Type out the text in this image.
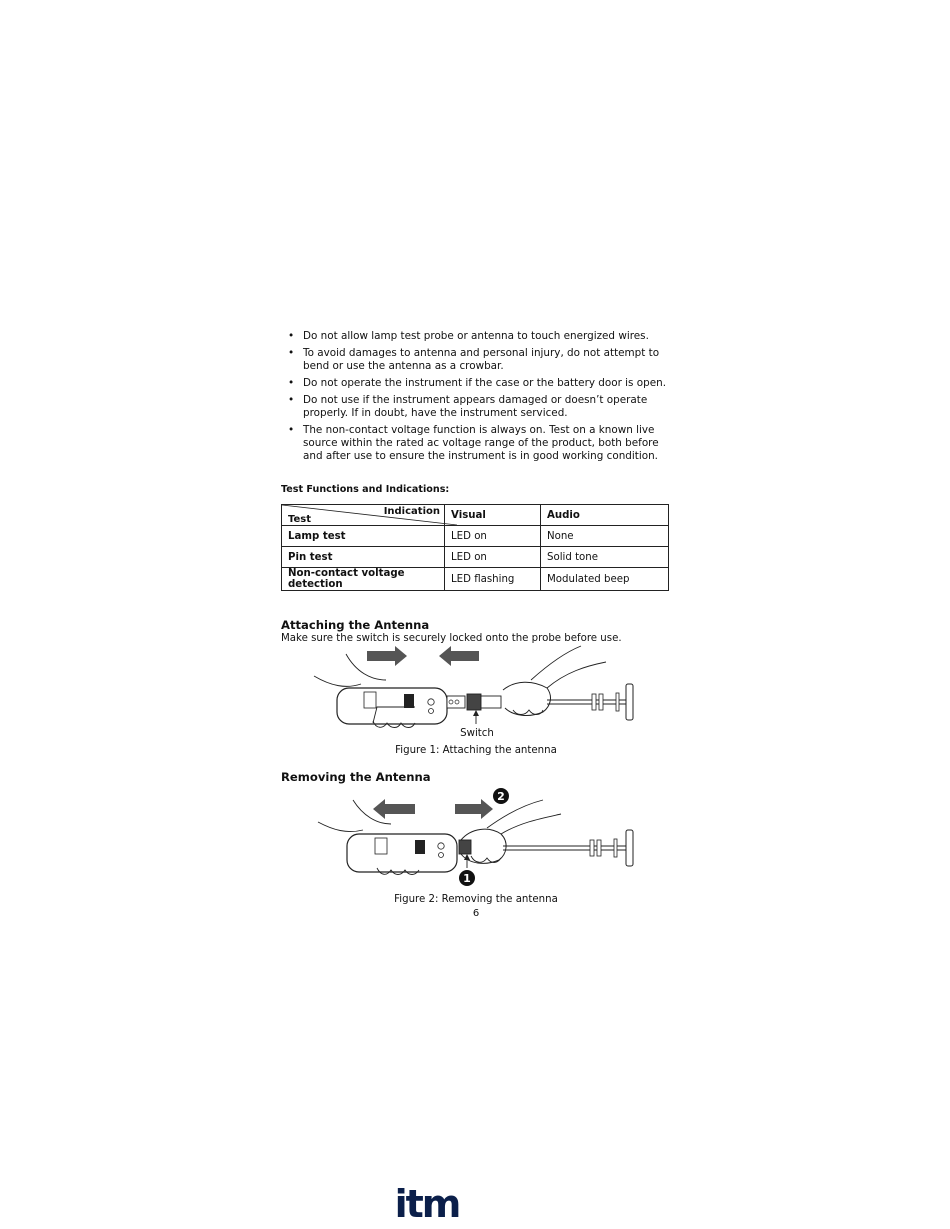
• Do not allow lamp test probe or antenna to touch energized wires.
• To avoid damages to antenna and personal injury, do not attempt to bend or use the antenna as a crowbar.
• Do not operate the instrument if the case or the battery door is open.
• Do not use if the instrument appears damaged or doesn’t operate properly. If in doubt, have the instrument serviced.
• The non-contact voltage function is always on. Test on a known live source within the rated ac voltage range of the product, both before and after use to ensure the instrument is in good working condition.
Test Functions and Indications:
Indication
Test	Visual	Audio
Lamp test	LED on	None
Pin test	LED on	Solid tone
Non-contact voltage detection	LED flashing	Modulated beep
Attaching the Antenna
Make sure the switch is securely locked onto the probe before use.
Switch
Figure 1: Attaching the antenna
Removing the Antenna
2
1
Figure 2: Removing the antenna
6
itm
